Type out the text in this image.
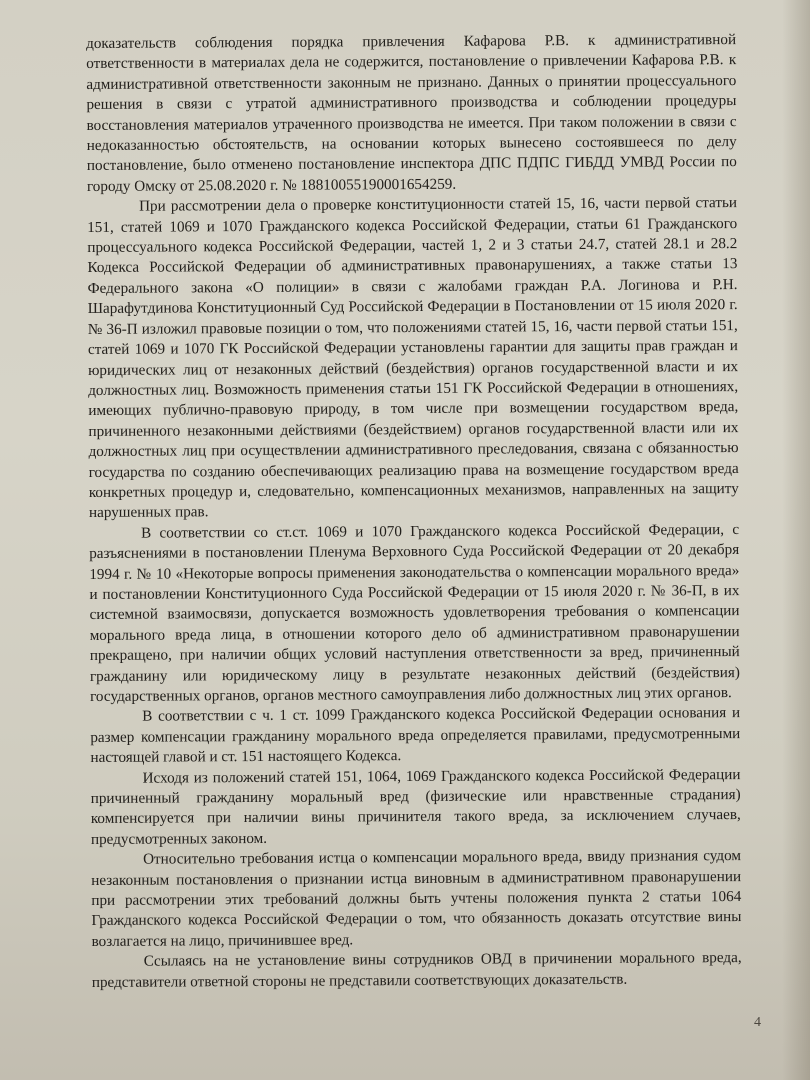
доказательств соблюдения порядка привлечения Кафарова Р.В. к административной ответственности в материалах дела не содержится, постановление о привлечении Кафарова Р.В. к административной ответственности законным не признано. Данных о принятии процессуального решения в связи с утратой административного производства и соблюдении процедуры восстановления материалов утраченного производства не имеется. При таком положении в связи с недоказанностью обстоятельств, на основании которых вынесено состоявшееся по делу постановление, было отменено постановление инспектора ДПС ПДПС ГИБДД УМВД России по городу Омску от 25.08.2020 г. № 18810055190001654259.

При рассмотрении дела о проверке конституционности статей 15, 16, части первой статьи 151, статей 1069 и 1070 Гражданского кодекса Российской Федерации, статьи 61 Гражданского процессуального кодекса Российской Федерации, частей 1, 2 и 3 статьи 24.7, статей 28.1 и 28.2 Кодекса Российской Федерации об административных правонарушениях, а также статьи 13 Федерального закона «О полиции» в связи с жалобами граждан Р.А. Логинова и Р.Н. Шарафутдинова Конституционный Суд Российской Федерации в Постановлении от 15 июля 2020 г. № 36-П изложил правовые позиции о том, что положениями статей 15, 16, части первой статьи 151, статей 1069 и 1070 ГК Российской Федерации установлены гарантии для защиты прав граждан и юридических лиц от незаконных действий (бездействия) органов государственной власти и их должностных лиц. Возможность применения статьи 151 ГК Российской Федерации в отношениях, имеющих публично-правовую природу, в том числе при возмещении государством вреда, причиненного незаконными действиями (бездействием) органов государственной власти или их должностных лиц при осуществлении административного преследования, связана с обязанностью государства по созданию обеспечивающих реализацию права на возмещение государством вреда конкретных процедур и, следовательно, компенсационных механизмов, направленных на защиту нарушенных прав.

В соответствии со ст.ст. 1069 и 1070 Гражданского кодекса Российской Федерации, с разъяснениями в постановлении Пленума Верховного Суда Российской Федерации от 20 декабря 1994 г. № 10 «Некоторые вопросы применения законодательства о компенсации морального вреда» и постановлении Конституционного Суда Российской Федерации от 15 июля 2020 г. № 36-П, в их системной взаимосвязи, допускается возможность удовлетворения требования о компенсации морального вреда лица, в отношении которого дело об административном правонарушении прекращено, при наличии общих условий наступления ответственности за вред, причиненный гражданину или юридическому лицу в результате незаконных действий (бездействия) государственных органов, органов местного самоуправления либо должностных лиц этих органов.

В соответствии с ч. 1 ст. 1099 Гражданского кодекса Российской Федерации основания и размер компенсации гражданину морального вреда определяется правилами, предусмотренными настоящей главой и ст. 151 настоящего Кодекса.

Исходя из положений статей 151, 1064, 1069 Гражданского кодекса Российской Федерации причиненный гражданину моральный вред (физические или нравственные страдания) компенсируется при наличии вины причинителя такого вреда, за исключением случаев, предусмотренных законом.

Относительно требования истца о компенсации морального вреда, ввиду признания судом незаконным постановления о признании истца виновным в административном правонарушении при рассмотрении этих требований должны быть учтены положения пункта 2 статьи 1064 Гражданского кодекса Российской Федерации о том, что обязанность доказать отсутствие вины возлагается на лицо, причинившее вред.

Ссылаясь на не установление вины сотрудников ОВД в причинении морального вреда, представители ответной стороны не представили соответствующих доказательств.

4
